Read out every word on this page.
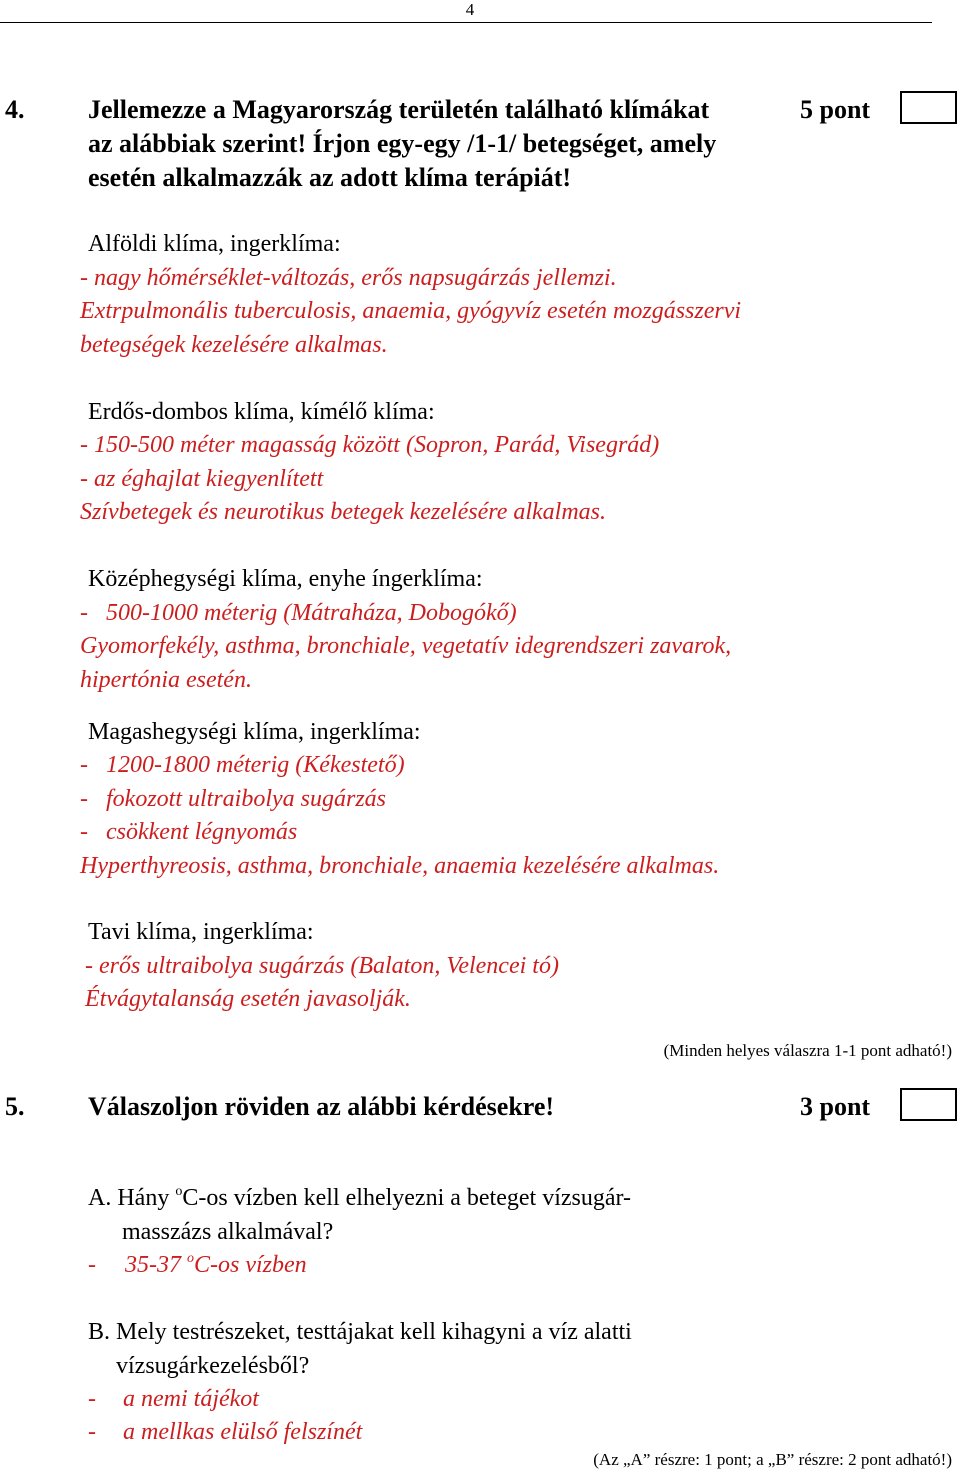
4
4. Jellemezze a Magyarország területén található klímákat
az alábbiak szerint! Írjon egy-egy /1-1/ betegséget, amely
esetén alkalmazzák az adott klíma terápiát!
5 pont
Alföldi klíma, ingerklíma:
- nagy hőmérséklet-változás, erős napsugárzás jellemzi.
Extrpulmonális tuberculosis, anaemia, gyógyvíz esetén mozgásszervi
betegségek kezelésére alkalmas.
Erdős-dombos klíma, kímélő klíma:
- 150-500 méter magasság között (Sopron, Parád, Visegrád)
- az éghajlat kiegyenlített
Szívbetegek és neurotikus betegek kezelésére alkalmas.
Középhegységi klíma, enyhe íngerklíma:
-   500-1000 méterig (Mátraháza, Dobogókő)
Gyomorfekély, asthma, bronchiale, vegetatív idegrendszeri zavarok,
hipertónia esetén.
Magashegységi klíma, ingerklíma:
-   1200-1800 méterig (Kékestető)
-   fokozott ultraibolya sugárzás
-   csökkent légnyomás
Hyperthyreosis, asthma, bronchiale, anaemia kezelésére alkalmas.
Tavi klíma, ingerklíma:
- erős ultraibolya sugárzás (Balaton, Velencei tó)
Étvágytalanság esetén javasolják.
(Minden helyes válaszra 1-1 pont adható!)
5. Válaszoljon röviden az alábbi kérdésekre!	3 pont
A. Hány $^o$C-os vízben kell elhelyezni a beteget vízsugár-
masszázs alkalmával?
- 35-37 $^o$C-os vízben
B. Mely testrészeket, testtájakat kell kihagyni a víz alatti
vízsugárkezelésből?
- a nemi tájékot
- a mellkas elülső felszínét
(Az „A” részre: 1 pont; a „B” részre: 2 pont adható!)
